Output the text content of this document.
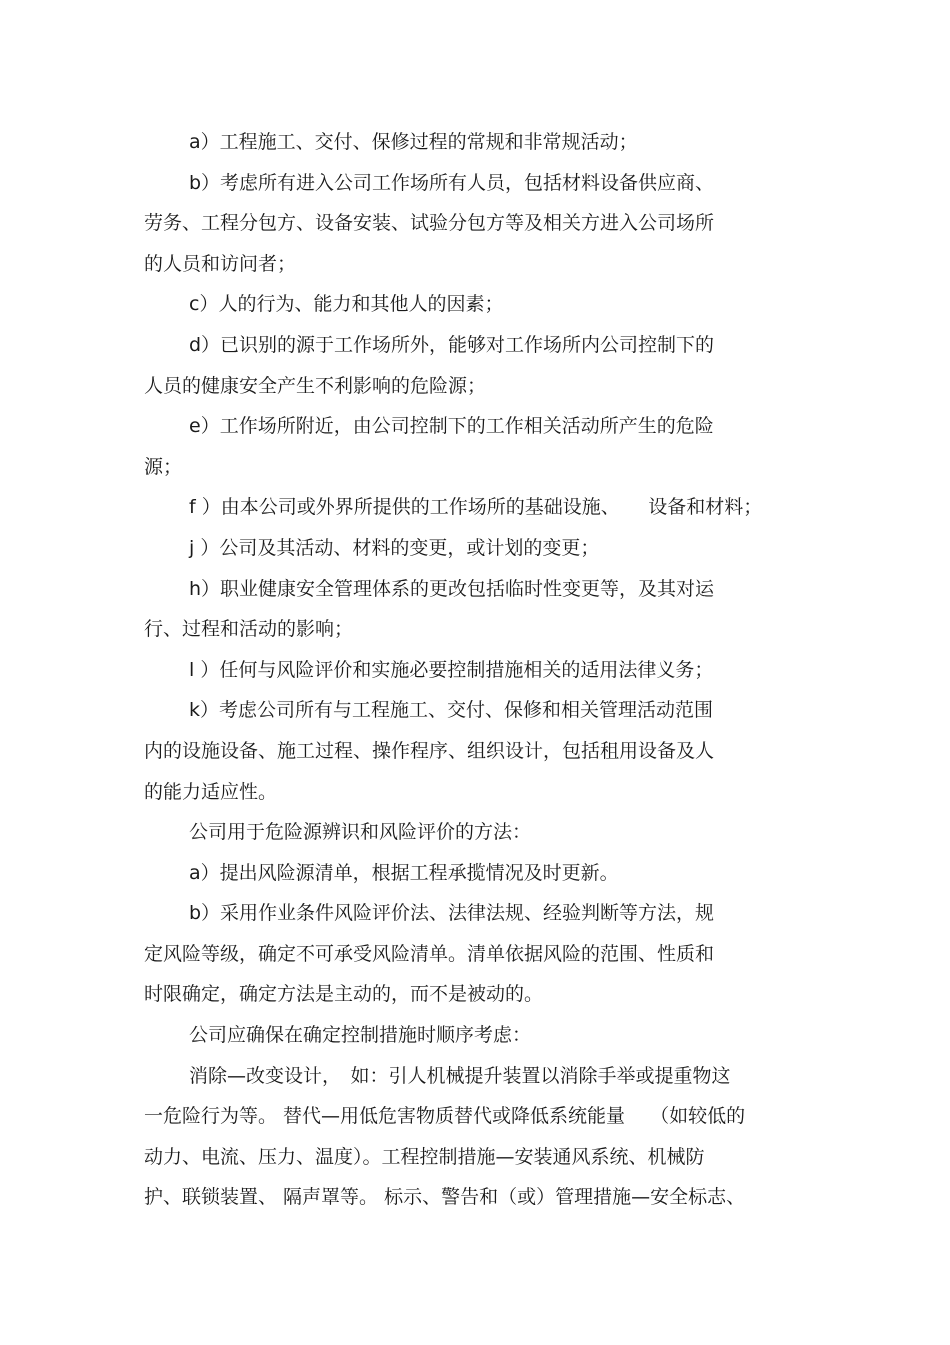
a）工程施工、交付、保修过程的常规和非常规活动；

b）考虑所有进入公司工作场所有人员，包括材料设备供应商、
劳务、工程分包方、设备安装、试验分包方等及相关方进入公司场所
的人员和访问者；

c）人的行为、能力和其他人的因素；

d）已识别的源于工作场所外，能够对工作场所内公司控制下的
人员的健康安全产生不利影响的危险源；

e）工作场所附近，由公司控制下的工作相关活动所产生的危险
源；

f ）由本公司或外界所提供的工作场所的基础设施、　　设备和材料；

j ）公司及其活动、材料的变更，或计划的变更；

h）职业健康安全管理体系的更改包括临时性变更等，及其对运
行、过程和活动的影响；

l ）任何与风险评价和实施必要控制措施相关的适用法律义务；

k）考虑公司所有与工程施工、交付、保修和相关管理活动范围
内的设施设备、施工过程、操作程序、组织设计，包括租用设备及人
的能力适应性。

公司用于危险源辨识和风险评价的方法：

a）提出风险源清单，根据工程承揽情况及时更新。

b）采用作业条件风险评价法、法律法规、经验判断等方法，规
定风险等级，确定不可承受风险清单。清单依据风险的范围、性质和
时限确定，确定方法是主动的，而不是被动的。

公司应确保在确定控制措施时顺序考虑：

消除—改变设计，　如：引人机械提升装置以消除手举或提重物这
一危险行为等。 替代—用低危害物质替代或降低系统能量　 （如较低的
动力、电流、压力、温度）。工程控制措施—安装通风系统、机械防
护、联锁装置、 隔声罩等。 标示、警告和（或）管理措施—安全标志、
